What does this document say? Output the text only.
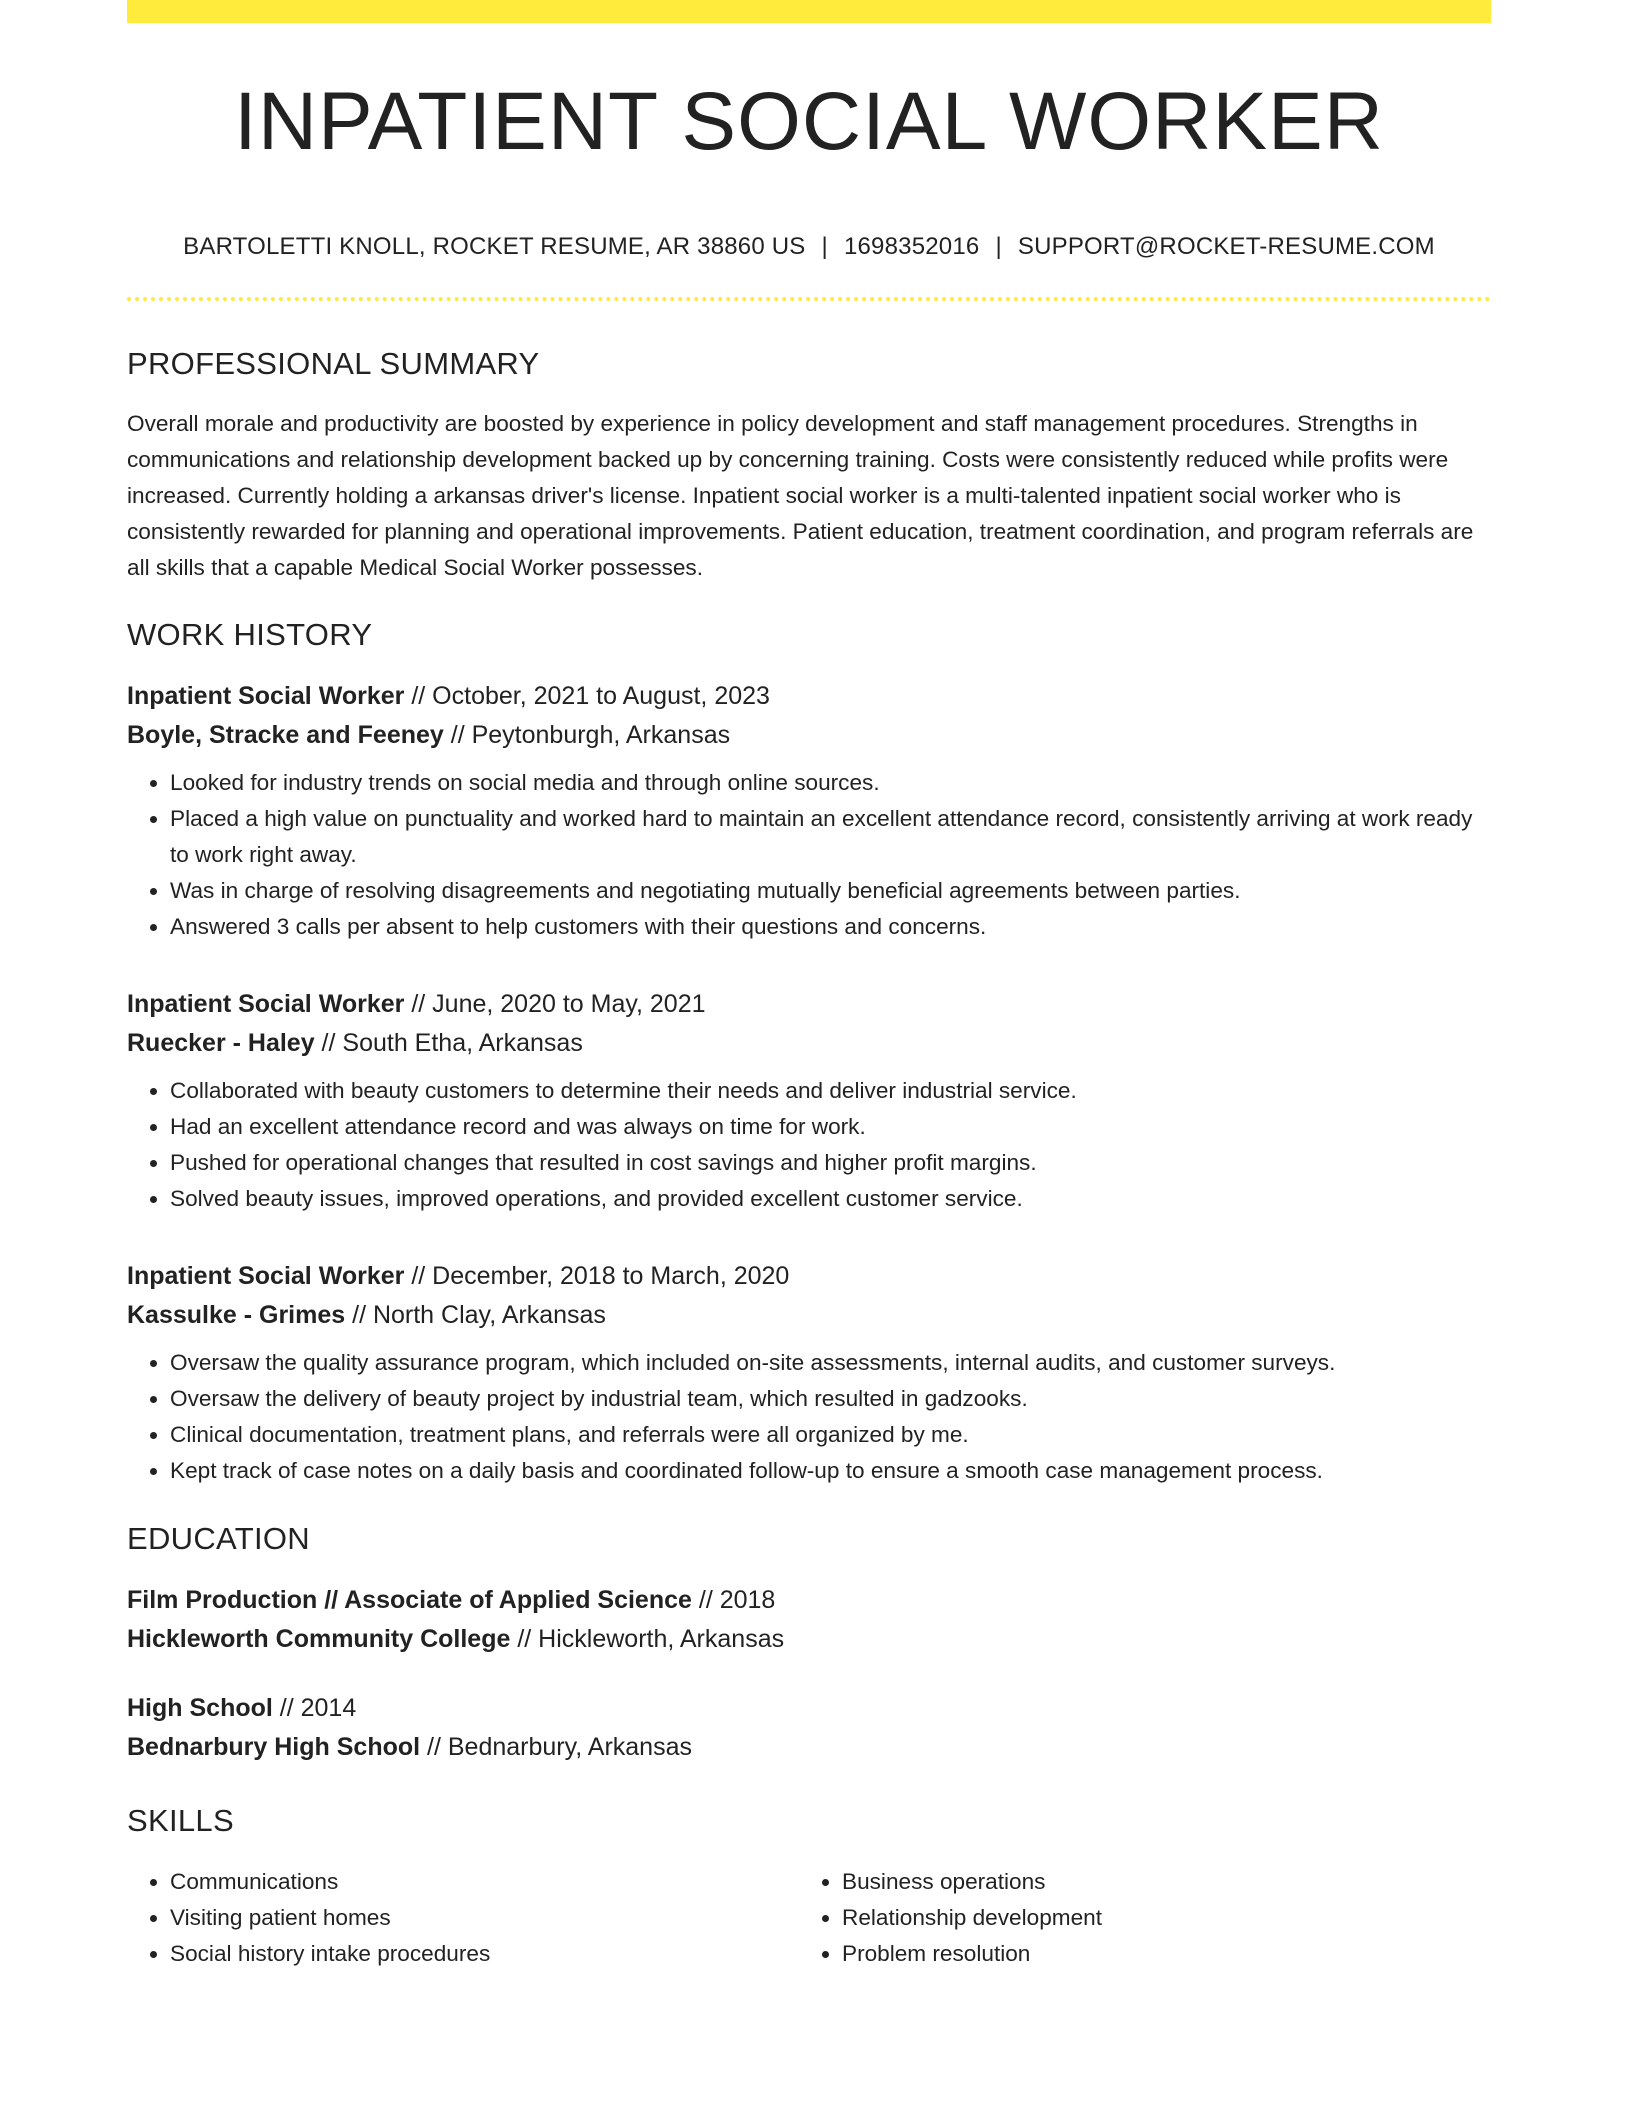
INPATIENT SOCIAL WORKER
BARTOLETTI KNOLL, ROCKET RESUME, AR 38860 US | 1698352016 | SUPPORT@ROCKET-RESUME.COM
PROFESSIONAL SUMMARY

Overall morale and productivity are boosted by experience in policy development and staff management procedures. Strengths in communications and relationship development backed up by concerning training. Costs were consistently reduced while profits were increased. Currently holding a arkansas driver's license. Inpatient social worker is a multi-talented inpatient social worker who is consistently rewarded for planning and operational improvements. Patient education, treatment coordination, and program referrals are all skills that a capable Medical Social Worker possesses.

WORK HISTORY
Inpatient Social Worker // October, 2021 to August, 2023
Boyle, Stracke and Feeney // Peytonburgh, Arkansas
• Looked for industry trends on social media and through online sources.
• Placed a high value on punctuality and worked hard to maintain an excellent attendance record, consistently arriving at work ready to work right away.
• Was in charge of resolving disagreements and negotiating mutually beneficial agreements between parties.
• Answered 3 calls per absent to help customers with their questions and concerns.
Inpatient Social Worker // June, 2020 to May, 2021
Ruecker - Haley // South Etha, Arkansas
• Collaborated with beauty customers to determine their needs and deliver industrial service.
• Had an excellent attendance record and was always on time for work.
• Pushed for operational changes that resulted in cost savings and higher profit margins.
• Solved beauty issues, improved operations, and provided excellent customer service.
Inpatient Social Worker // December, 2018 to March, 2020
Kassulke - Grimes // North Clay, Arkansas
• Oversaw the quality assurance program, which included on-site assessments, internal audits, and customer surveys.
• Oversaw the delivery of beauty project by industrial team, which resulted in gadzooks.
• Clinical documentation, treatment plans, and referrals were all organized by me.
• Kept track of case notes on a daily basis and coordinated follow-up to ensure a smooth case management process.
EDUCATION
Film Production // Associate of Applied Science // 2018
Hickleworth Community College // Hickleworth, Arkansas
High School // 2014
Bednarbury High School // Bednarbury, Arkansas
SKILLS
• Communications
• Visiting patient homes
• Social history intake procedures
• Business operations
• Relationship development
• Problem resolution
